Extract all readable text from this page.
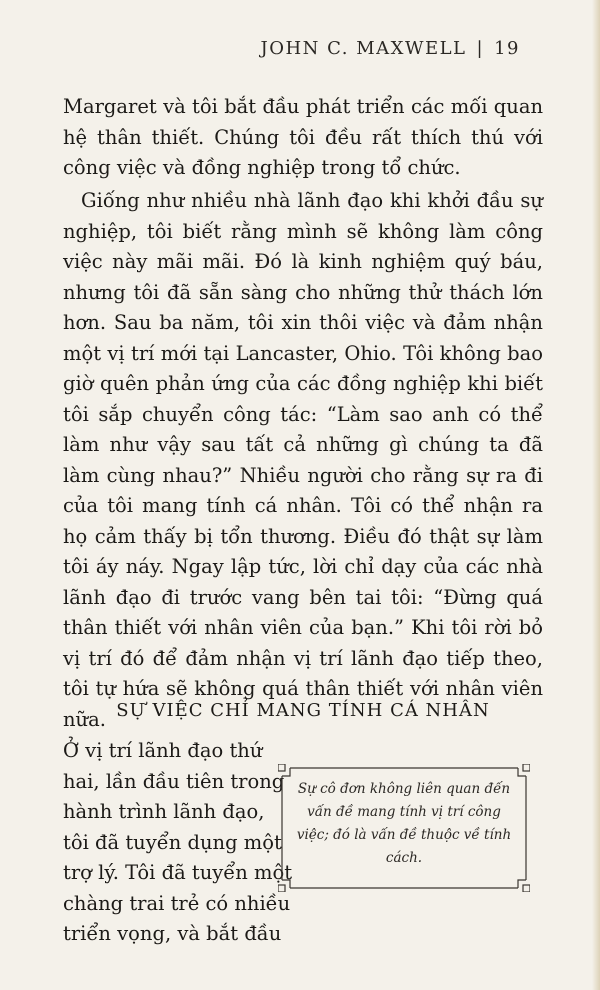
JOHN C. MAXWELL | 19
Margaret và tôi bắt đầu phát triển các mối quan hệ thân thiết. Chúng tôi đều rất thích thú với công việc và đồng nghiệp trong tổ chức.
Giống như nhiều nhà lãnh đạo khi khởi đầu sự nghiệp, tôi biết rằng mình sẽ không làm công việc này mãi mãi. Đó là kinh nghiệm quý báu, nhưng tôi đã sẵn sàng cho những thử thách lớn hơn. Sau ba năm, tôi xin thôi việc và đảm nhận một vị trí mới tại Lancaster, Ohio. Tôi không bao giờ quên phản ứng của các đồng nghiệp khi biết tôi sắp chuyển công tác: “Làm sao anh có thể làm như vậy sau tất cả những gì chúng ta đã làm cùng nhau?” Nhiều người cho rằng sự ra đi của tôi mang tính cá nhân. Tôi có thể nhận ra họ cảm thấy bị tổn thương. Điều đó thật sự làm tôi áy náy. Ngay lập tức, lời chỉ dạy của các nhà lãnh đạo đi trước vang bên tai tôi: “Đừng quá thân thiết với nhân viên của bạn.” Khi tôi rời bỏ vị trí đó để đảm nhận vị trí lãnh đạo tiếp theo, tôi tự hứa sẽ không quá thân thiết với nhân viên nữa. SỰ VIỆC CHỈ MANG TÍNH CÁ NHÂN
Ở vị trí lãnh đạo thứ
hai, lần đầu tiên trong
hành trình lãnh đạo,
tôi đã tuyển dụng một
trợ lý. Tôi đã tuyển một
chàng trai trẻ có nhiều
triển vọng, và bắt đầu
Sự cô đơn không liên quan đến vấn đề mang tính vị trí công việc; đó là vấn đề thuộc về tính cách.
